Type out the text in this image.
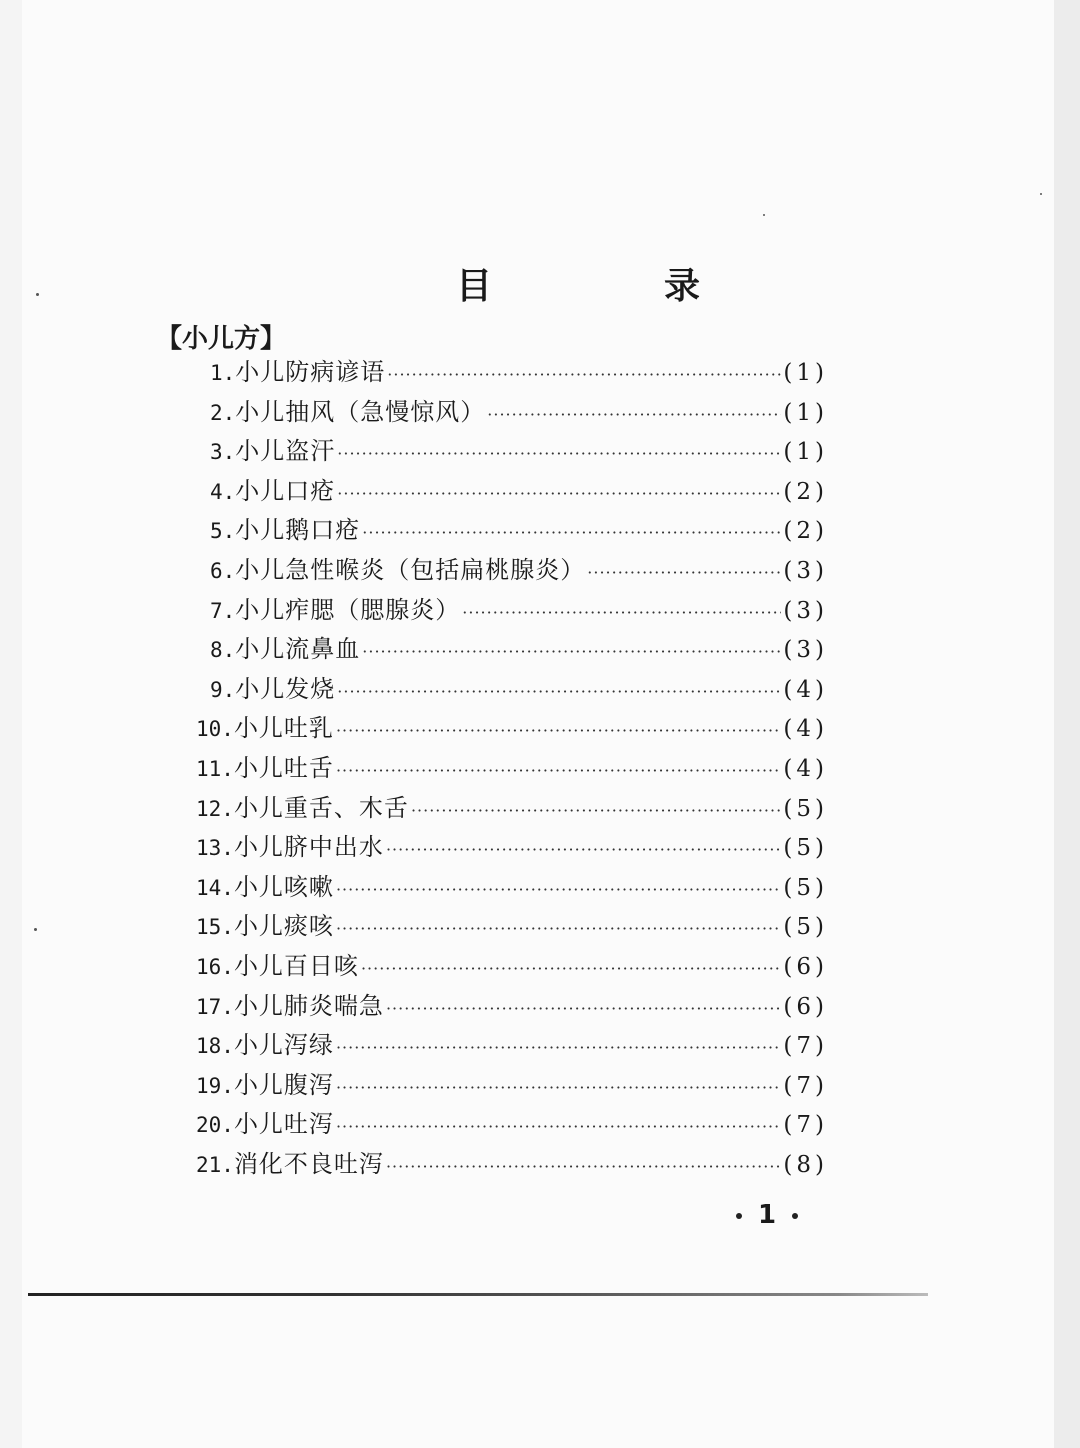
目　录
【小儿方】
1. 小儿防病谚语 ·····	(1)
2. 小儿抽风（急慢惊风） ·····	(1)
3. 小儿盗汗 ·····	(1)
4. 小儿口疮 ·····	(2)
5. 小儿鹅口疮 ·····	(2)
6. 小儿急性喉炎（包括扁桃腺炎） ·····	(3)
7. 小儿痄腮（腮腺炎） ·····	(3)
8. 小儿流鼻血 ·····	(3)
9. 小儿发烧 ·····	(4)
10. 小儿吐乳 ·····	(4)
11. 小儿吐舌 ·····	(4)
12. 小儿重舌、木舌 ·····	(5)
13. 小儿脐中出水 ·····	(5)
14. 小儿咳嗽 ·····	(5)
15. 小儿痰咳 ·····	(5)
16. 小儿百日咳 ·····	(6)
17. 小儿肺炎喘急 ·····	(6)
18. 小儿泻绿 ·····	(7)
19. 小儿腹泻 ·····	(7)
20. 小儿吐泻 ·····	(7)
21. 消化不良吐泻 ·····	(8)
1
